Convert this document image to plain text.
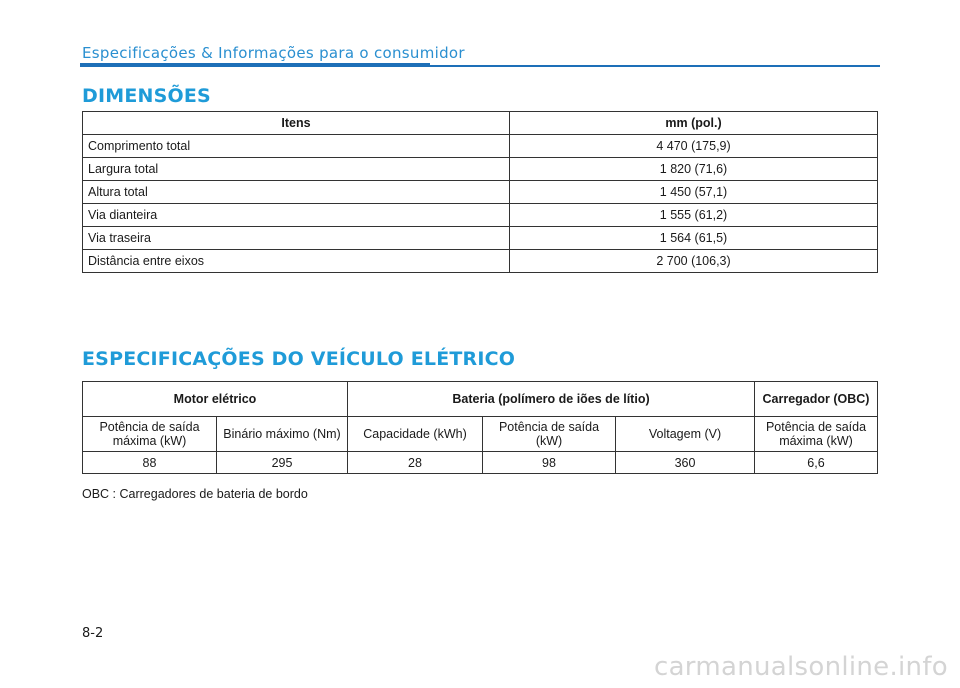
Especificações & Informações para o consumidor
DIMENSÕES
Itens	mm (pol.)
Comprimento total	4 470 (175,9)
Largura total	1 820 (71,6)
Altura total	1 450 (57,1)
Via dianteira	1 555 (61,2)
Via traseira	1 564 (61,5)
Distância entre eixos	2 700 (106,3)
ESPECIFICAÇÕES DO VEÍCULO ELÉTRICO
Motor elétrico		Bateria (polímero de iões de lítio)			Carregador (OBC)
Potência de saída máxima (kW)	Binário máximo (Nm)	Capacidade (kWh)	Potência de saída (kW)	Voltagem (V)	Potência de saída máxima (kW)
88	295	28	98	360	6,6
OBC : Carregadores de bateria de bordo
8-2
carmanualsonline.info
